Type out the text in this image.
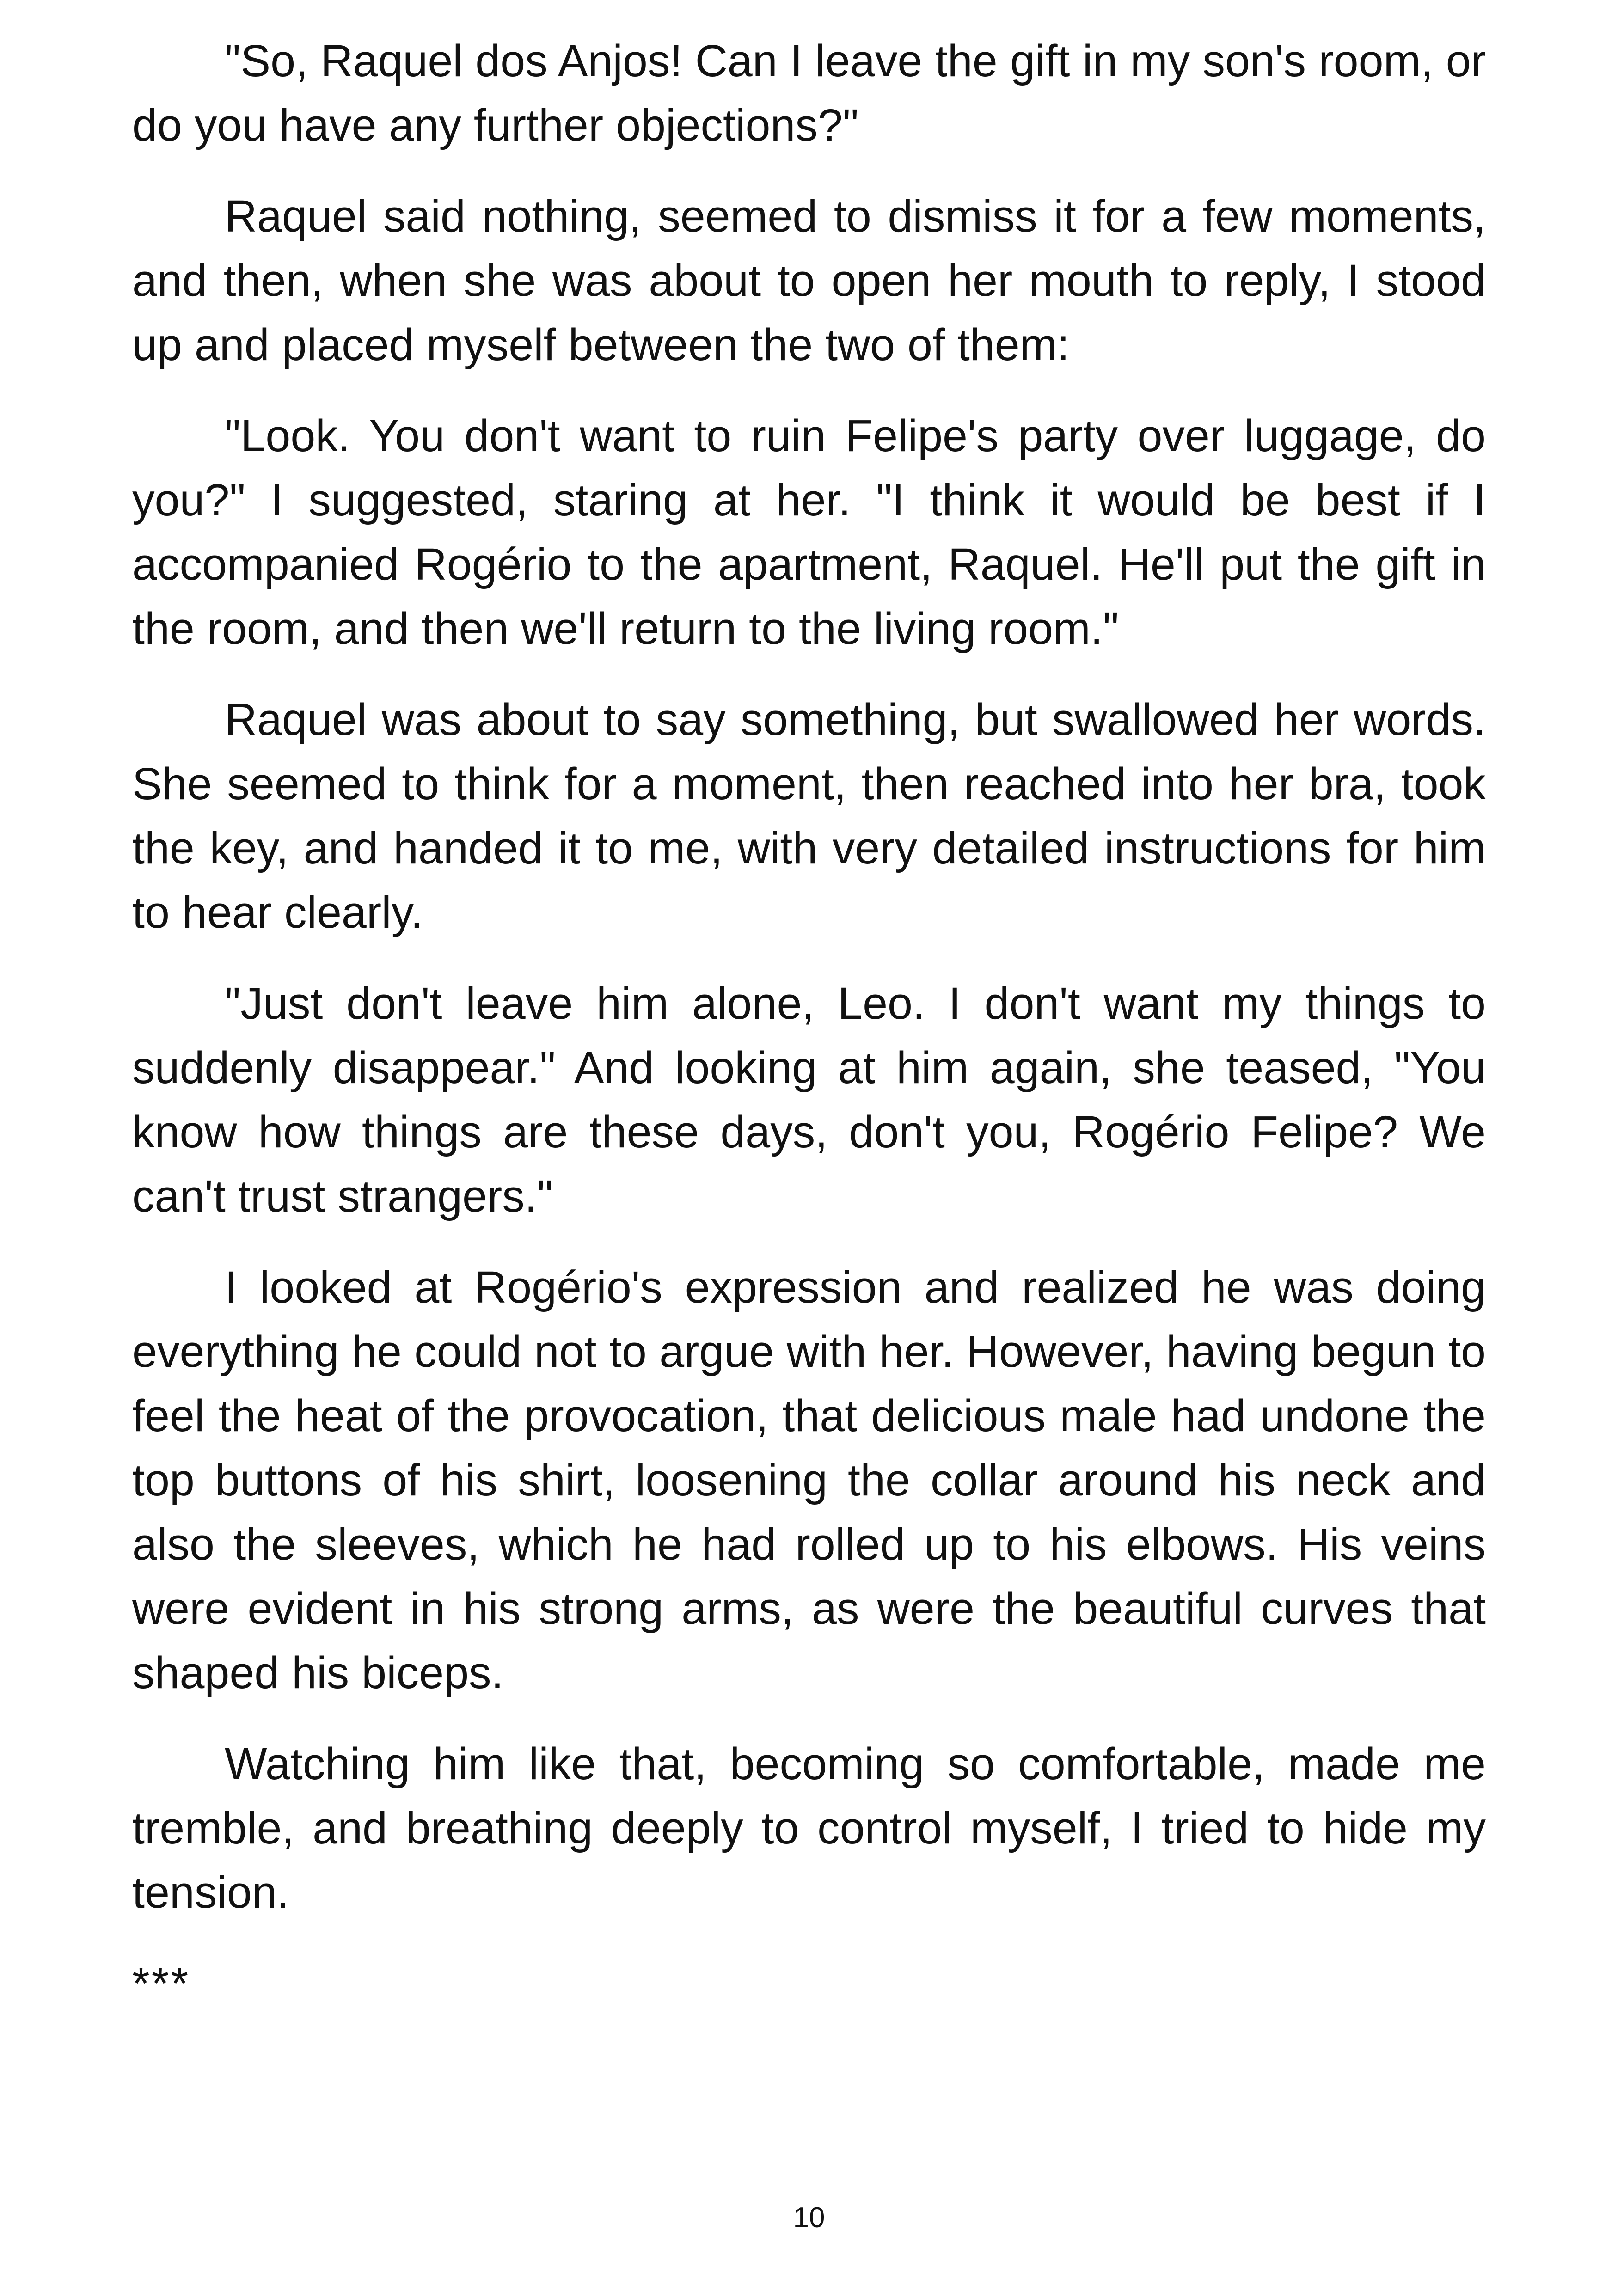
"So, Raquel dos Anjos! Can I leave the gift in my son's room, or do you have any further objections?"

Raquel said nothing, seemed to dismiss it for a few moments, and then, when she was about to open her mouth to reply, I stood up and placed myself between the two of them:

"Look. You don't want to ruin Felipe's party over luggage, do you?" I suggested, staring at her. "I think it would be best if I accompanied Rogério to the apartment, Raquel. He'll put the gift in the room, and then we'll return to the living room."

Raquel was about to say something, but swallowed her words. She seemed to think for a moment, then reached into her bra, took the key, and handed it to me, with very detailed instructions for him to hear clearly.

"Just don't leave him alone, Leo. I don't want my things to suddenly disappear." And looking at him again, she teased, "You know how things are these days, don't you, Rogério Felipe? We can't trust strangers."

I looked at Rogério's expression and realized he was doing everything he could not to argue with her. However, having begun to feel the heat of the provocation, that delicious male had undone the top buttons of his shirt, loosening the collar around his neck and also the sleeves, which he had rolled up to his elbows. His veins were evident in his strong arms, as were the beautiful curves that shaped his biceps.

Watching him like that, becoming so comfortable, made me tremble, and breathing deeply to control myself, I tried to hide my tension.

***

10
